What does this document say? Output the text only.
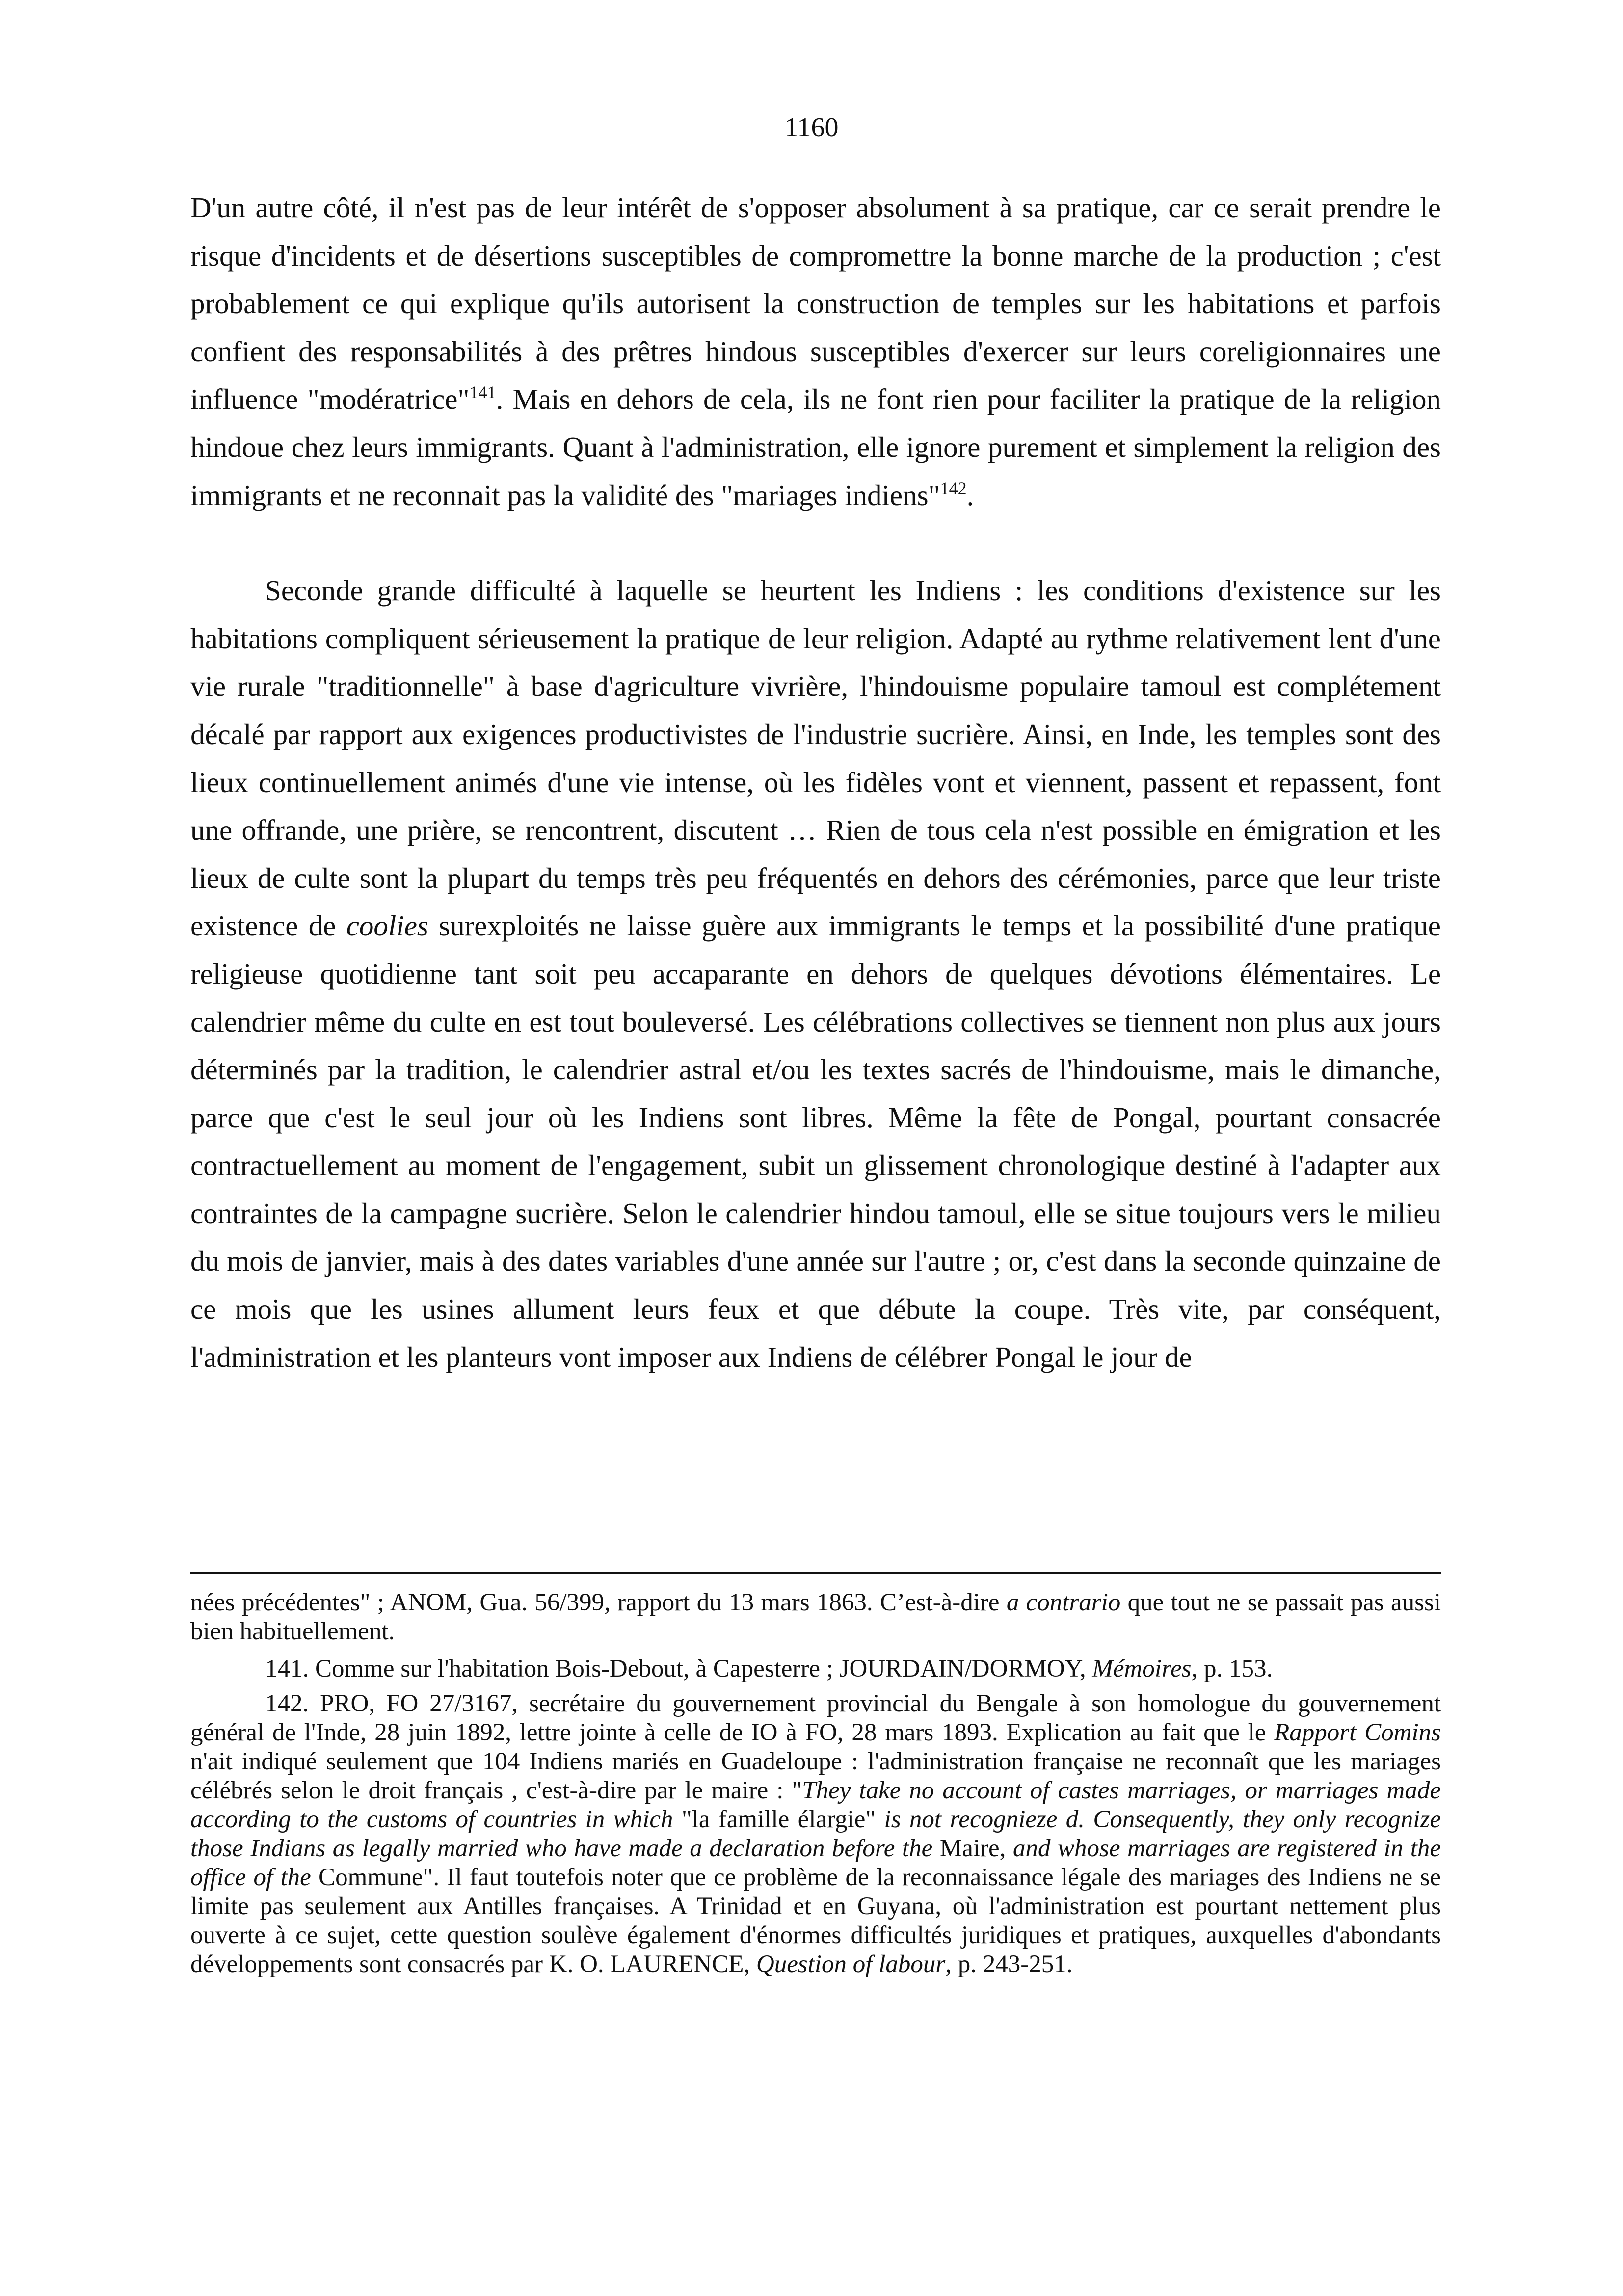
1160

D'un autre côté, il n'est pas de leur intérêt de s'opposer absolument à sa pratique, car ce serait prendre le risque d'incidents et de désertions susceptibles de compromettre la bonne marche de la production ; c'est probablement ce qui explique qu'ils autorisent la construction de temples sur les habitations et parfois confient des responsabilités à des prêtres hindous susceptibles d'exercer sur leurs coreligionnaires une influence "modératrice"$^{141}$. Mais en dehors de cela, ils ne font rien pour faciliter la pratique de la religion hindoue chez leurs immigrants. Quant à l'administration, elle ignore purement et simplement la religion des immigrants et ne reconnait pas la validité des "mariages indiens"$^{142}$.

Seconde grande difficulté à laquelle se heurtent les Indiens : les conditions d'existence sur les habitations compliquent sérieusement la pratique de leur religion. Adapté au rythme relativement lent d'une vie rurale "traditionnelle" à base d'agriculture vivrière, l'hindouisme populaire tamoul est complétement décalé par rapport aux exigences productivistes de l'industrie sucrière. Ainsi, en Inde, les temples sont des lieux continuellement animés d'une vie intense, où les fidèles vont et viennent, passent et repassent, font une offrande, une prière, se rencontrent, discutent … Rien de tous cela n'est possible en émigration et les lieux de culte sont la plupart du temps très peu fréquentés en dehors des cérémonies, parce que leur triste existence de coolies surexploités ne laisse guère aux immigrants le temps et la possibilité d'une pratique religieuse quotidienne tant soit peu accaparante en dehors de quelques dévotions élémentaires. Le calendrier même du culte en est tout bouleversé. Les célébrations collectives se tiennent non plus aux jours déterminés par la tradition, le calendrier astral et/ou les textes sacrés de l'hindouisme, mais le dimanche, parce que c'est le seul jour où les Indiens sont libres. Même la fête de Pongal, pourtant consacrée contractuellement au moment de l'engagement, subit un glissement chronologique destiné à l'adapter aux contraintes de la campagne sucrière. Selon le calendrier hindou tamoul, elle se situe toujours vers le milieu du mois de janvier, mais à des dates variables d'une année sur l'autre ; or, c'est dans la seconde quinzaine de ce mois que les usines allument leurs feux et que débute la coupe. Très vite, par conséquent, l'administration et les planteurs vont imposer aux Indiens de célébrer Pongal le jour de

nées précédentes" ; ANOM, Gua. 56/399, rapport du 13 mars 1863. C’est-à-dire a contrario que tout ne se passait pas aussi bien habituellement.

141. Comme sur l'habitation Bois-Debout, à Capesterre ; JOURDAIN/DORMOY, Mémoires, p. 153.

142. PRO, FO 27/3167, secrétaire du gouvernement provincial du Bengale à son homologue du gouvernement général de l'Inde, 28 juin 1892, lettre jointe à celle de IO à FO, 28 mars 1893. Explication au fait que le Rapport Comins n'ait indiqué seulement que 104 Indiens mariés en Guadeloupe : l'administration française ne reconnaît que les mariages célébrés selon le droit français , c'est-à-dire par le maire : "They take no account of castes marriages, or marriages made according to the customs of countries in which "la famille élargie" is not recognieze d. Consequently, they only recognize those Indians as legally married who have made a declaration before the Maire, and whose marriages are registered in the office of the Commune". Il faut toutefois noter que ce problème de la reconnaissance légale des mariages des Indiens ne se limite pas seulement aux Antilles françaises. A Trinidad et en Guyana, où l'administration est pourtant nettement plus ouverte à ce sujet, cette question soulève également d'énormes difficultés juridiques et pratiques, auxquelles d'abondants développements sont consacrés par K. O. LAURENCE, Question of labour, p. 243-251.
